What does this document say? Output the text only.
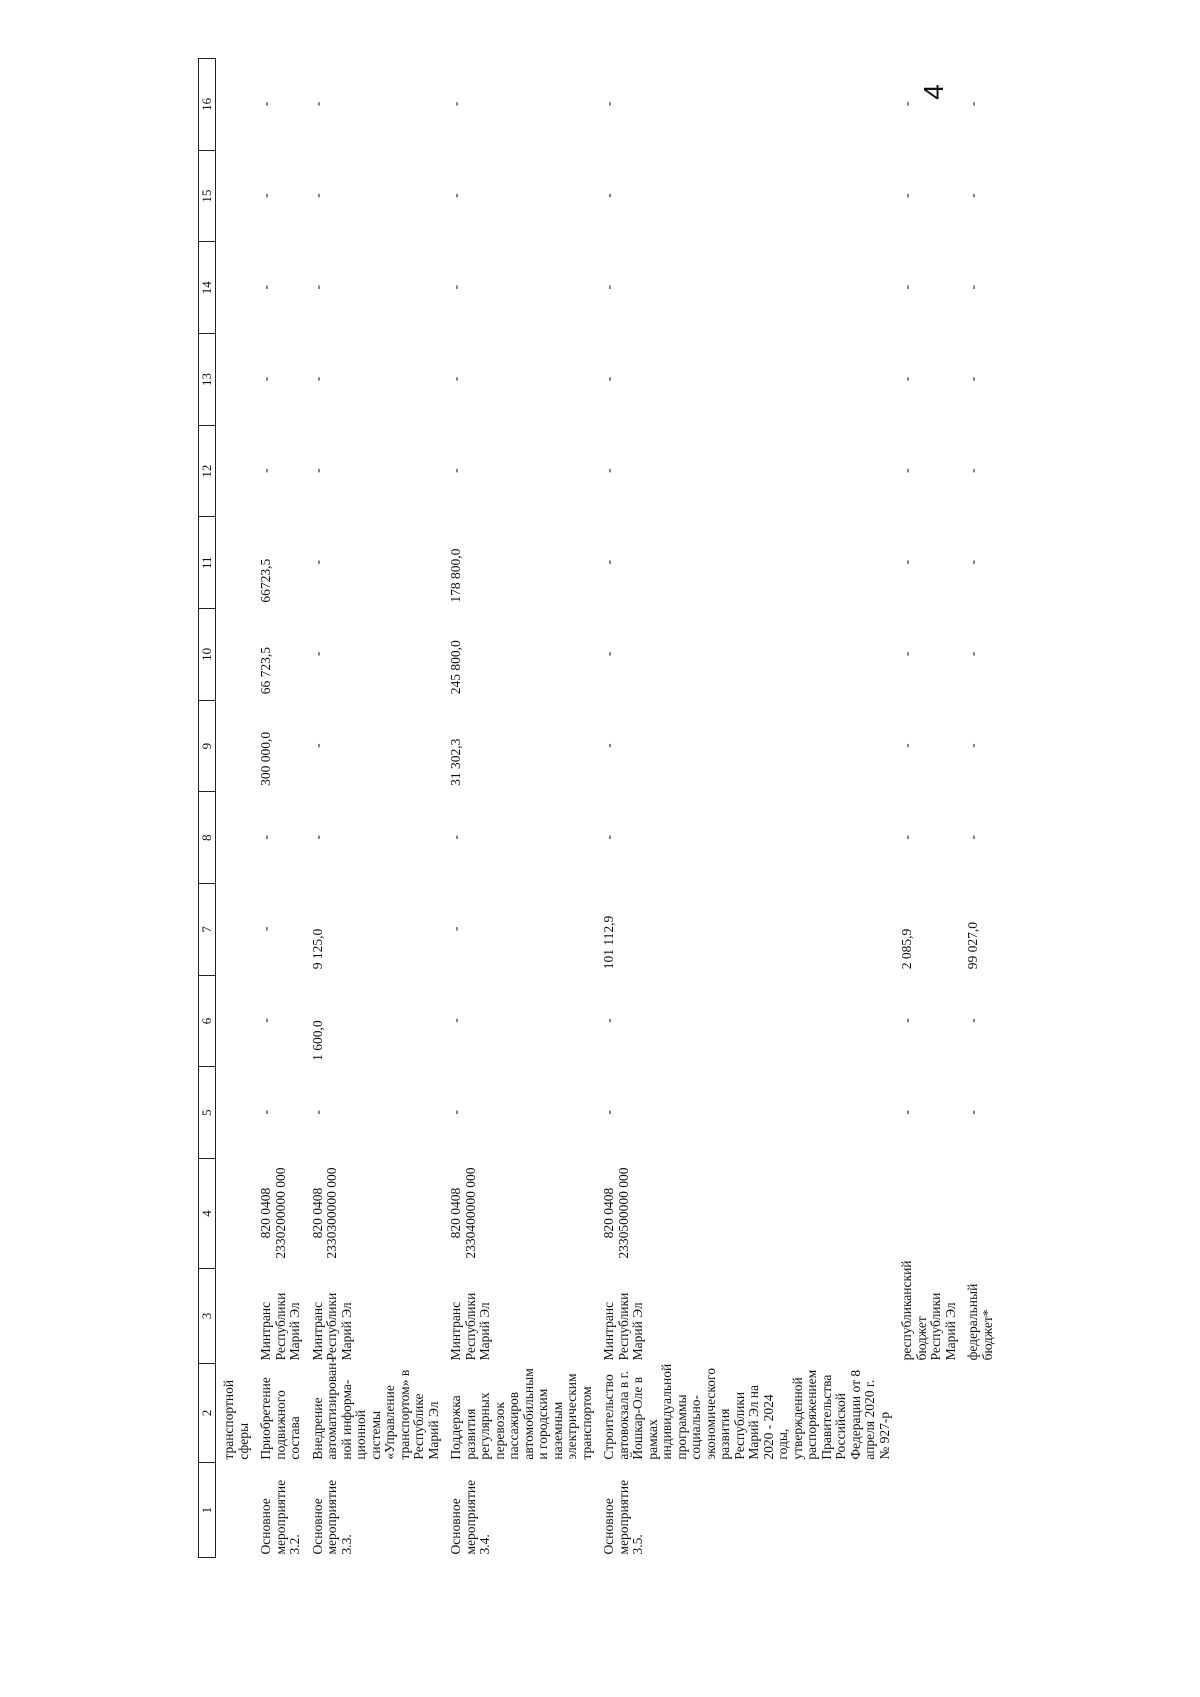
4
1	2	3	4	5	6	7	8	9	10	11	12	13	14	15	16
	транспортной сферы														
Основное мероприятие 3.2.	Приобретение подвижного состава	Минтранс Республики Марий Эл	820 0408 2330200000 000	-	-	-	-	300 000,0	66 723,5	66723,5	-	-	-	-	-
Основное мероприятие 3.3.	Внедрение автоматизирован-ной информа-ционной системы «Управление транспортом» в Республике Марий Эл	Минтранс Республики Марий Эл	820 0408 2330300000 000	-	1 600,0	9 125,0	-	-	-	-	-	-	-	-	-
Основное мероприятие 3.4.	Поддержка развития регулярных перевозок пассажиров автомобильным и городским наземным электрическим транспортом	Минтранс Республики Марий Эл	820 0408 2330400000 000	-	-	-	-	31 302,3	245 800,0	178 800,0	-	-	-	-	-
Основное мероприятие 3.5.	Строительство автовокзала в г. Йошкар-Оле в рамках индивидуальной программы социально-экономического развития Республики Марий Эл на 2020 - 2024 годы, утвержденной распоряжением Правительства Российской Федерации от 8 апреля 2020 г. № 927-р	Минтранс Республики Марий Эл	820 0408 2330500000 000	-	-	101 112,9	-	-	-	-	-	-	-	-	-
		республиканский бюджет Республики Марий Эл		-	-	2 085,9	-	-	-	-	-	-	-	-	-
		федеральный бюджет*		-	-	99 027,0	-	-	-	-	-	-	-	-	-
